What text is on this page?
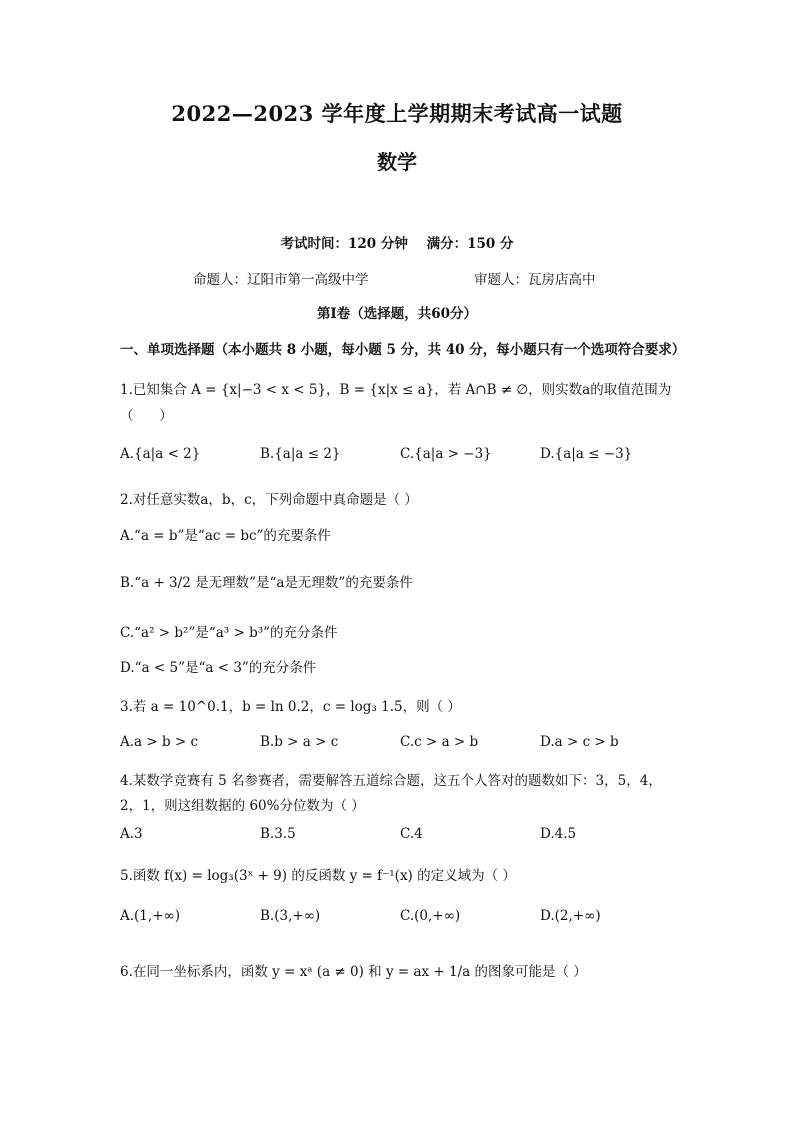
2022—2023 学年度上学期期末考试高一试题
数学
考试时间：120 分钟    满分：150 分
命题人：辽阳市第一高级中学	审题人：瓦房店高中
第Ⅰ卷（选择题，共60分）
一、单项选择题（本小题共 8 小题，每小题 5 分，共 40 分，每小题只有一个选项符合要求）
1.已知集合 A = {x|−3 < x < 5}，B = {x|x ≤ a}，若 A∩B ≠ ∅，则实数a的取值范围为
（      ）
A.{a|a < 2}	B.{a|a ≤ 2}	C.{a|a > −3}	D.{a|a ≤ −3}
2.对任意实数a，b，c，下列命题中真命题是（ ）
A.“a = b”是“ac = bc”的充要条件
B.“a + 3/2 是无理数”是“a是无理数”的充要条件
C.“a² > b²”是“a³ > b³”的充分条件
D.“a < 5”是“a < 3”的充分条件
3.若 a = 10^0.1，b = ln 0.2，c = log₃ 1.5，则（ ）
A.a > b > c	B.b > a > c	C.c > a > b	D.a > c > b
4.某数学竞赛有 5 名参赛者，需要解答五道综合题，这五个人答对的题数如下：3，5，4，
2，1，则这组数据的 60%分位数为（ ）
A.3	B.3.5	C.4	D.4.5
5.函数 f(x) = log₃(3ˣ + 9) 的反函数 y = f⁻¹(x) 的定义域为（ ）
A.(1,+∞)	B.(3,+∞)	C.(0,+∞)	D.(2,+∞)
6.在同一坐标系内，函数 y = xᵃ (a ≠ 0) 和 y = ax + 1/a 的图象可能是（ ）
